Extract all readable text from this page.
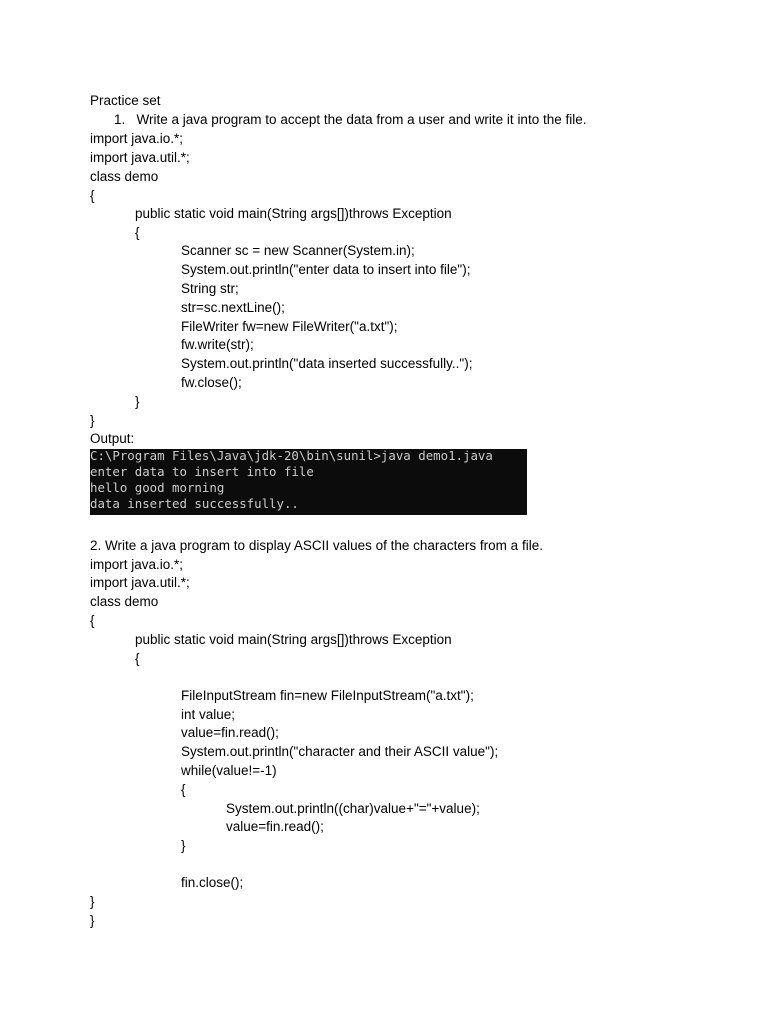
Practice set
1.   Write a java program to accept the data from a user and write it into the file.
import java.io.*;
import java.util.*;
class demo
{
public static void main(String args[])throws Exception
{
Scanner sc = new Scanner(System.in);
System.out.println("enter data to insert into file");
String str;
str=sc.nextLine();
FileWriter fw=new FileWriter("a.txt");
fw.write(str);
System.out.println("data inserted successfully..");
fw.close();
}
}
Output:
C:\Program Files\Java\jdk-20\bin\sunil>java demo1.java
enter data to insert into file
hello good morning
data inserted successfully..
2. Write a java program to display ASCII values of the characters from a file.
import java.io.*;
import java.util.*;
class demo
{
public static void main(String args[])throws Exception
{
FileInputStream fin=new FileInputStream("a.txt");
int value;
value=fin.read();
System.out.println("character and their ASCII value");
while(value!=-1)
{
System.out.println((char)value+"="+value);
value=fin.read();
}
fin.close();
}
}
